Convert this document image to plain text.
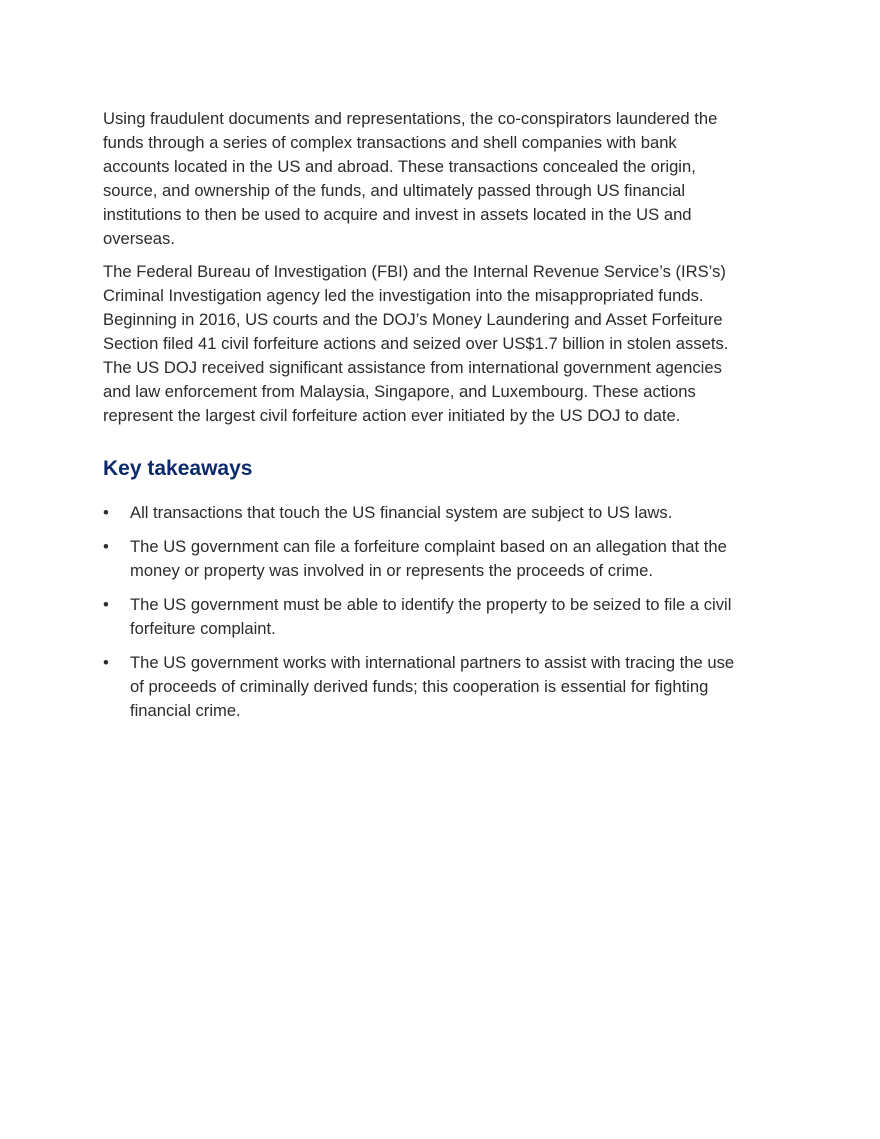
Using fraudulent documents and representations, the co-conspirators laundered the funds through a series of complex transactions and shell companies with bank accounts located in the US and abroad. These transactions concealed the origin, source, and ownership of the funds, and ultimately passed through US financial institutions to then be used to acquire and invest in assets located in the US and overseas.

The Federal Bureau of Investigation (FBI) and the Internal Revenue Service’s (IRS’s) Criminal Investigation agency led the investigation into the misappropriated funds. Beginning in 2016, US courts and the DOJ’s Money Laundering and Asset Forfeiture Section filed 41 civil forfeiture actions and seized over US$1.7 billion in stolen assets. The US DOJ received significant assistance from international government agencies and law enforcement from Malaysia, Singapore, and Luxembourg. These actions represent the largest civil forfeiture action ever initiated by the US DOJ to date.

Key takeaways
• All transactions that touch the US financial system are subject to US laws.
• The US government can file a forfeiture complaint based on an allegation that the money or property was involved in or represents the proceeds of crime.
• The US government must be able to identify the property to be seized to file a civil forfeiture complaint.
• The US government works with international partners to assist with tracing the use of proceeds of criminally derived funds; this cooperation is essential for fighting financial crime.
